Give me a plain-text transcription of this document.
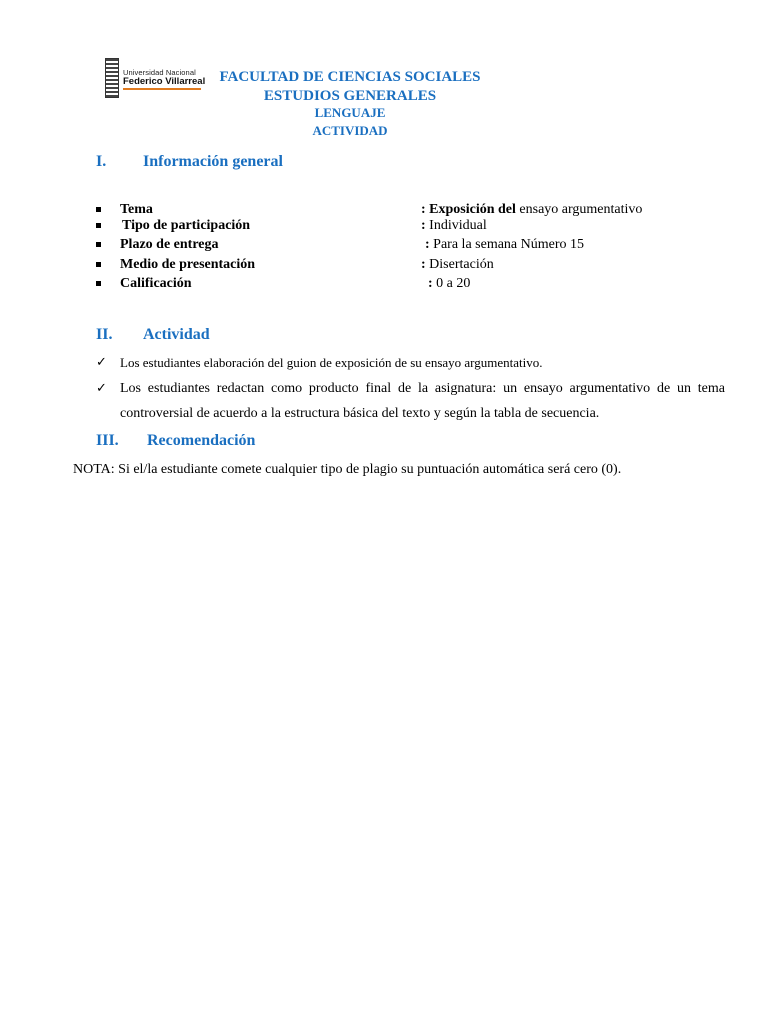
Universidad Nacional
Federico Villarreal FACULTAD DE CIENCIAS SOCIALES
ESTUDIOS GENERALES
LENGUAJE
ACTIVIDAD
I. Información general
Tema	: Exposición del ensayo argumentativo
Tipo de participación	: Individual
Plazo de entrega	: Para la semana Número 15
Medio de presentación	: Disertación
Calificación	: 0 a 20
II. Actividad
✓ Los estudiantes elaboración del guion de exposición de su ensayo argumentativo.
✓ Los estudiantes redactan como producto final de la asignatura: un ensayo argumentativo de un tema controversial de acuerdo a la estructura básica del texto y según la tabla de secuencia.
III. Recomendación
NOTA: Si el/la estudiante comete cualquier tipo de plagio su puntuación automática será cero (0).
